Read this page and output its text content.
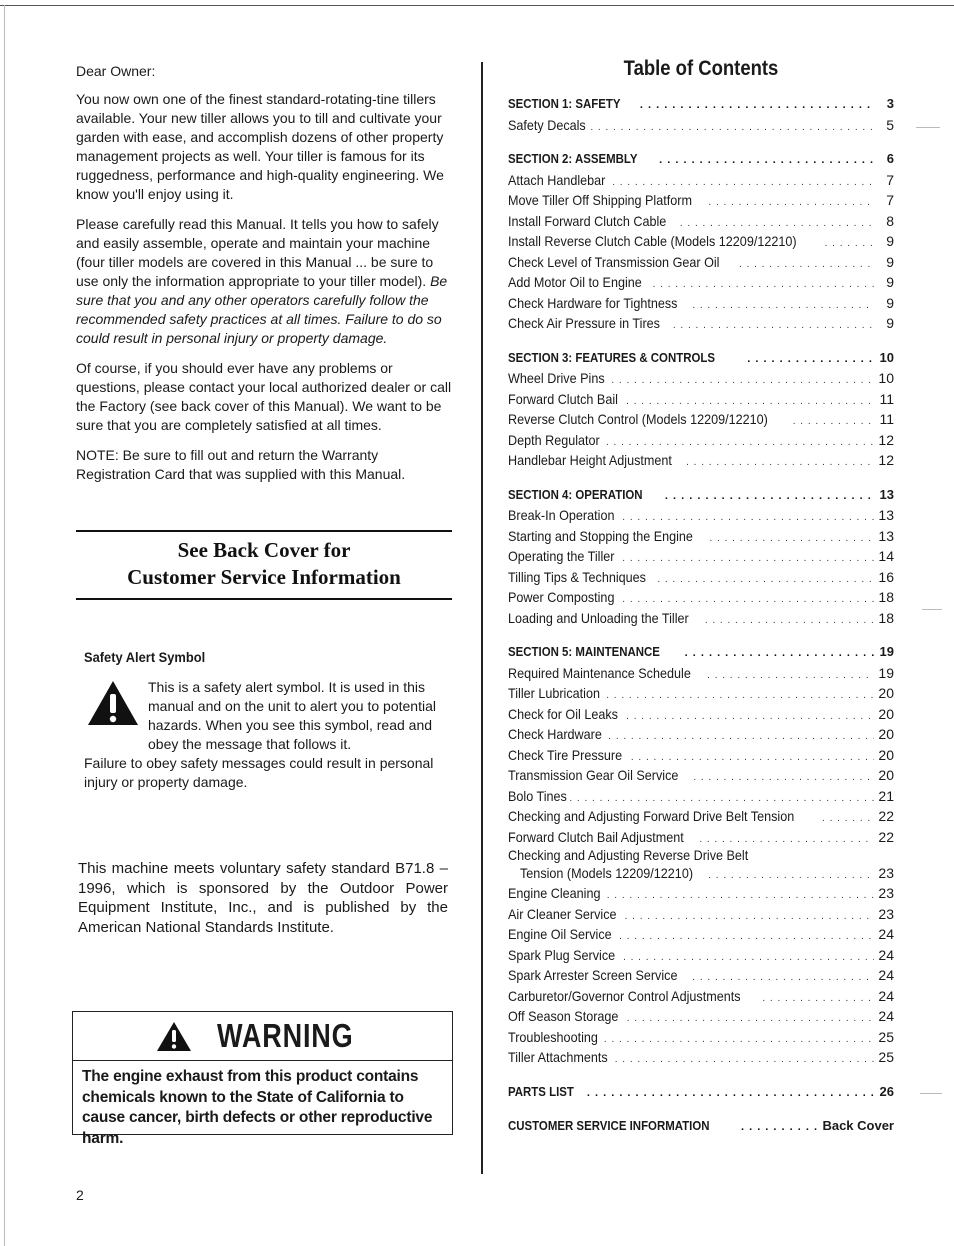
Dear Owner:

You now own one of the finest standard-rotating-tine tillers available. Your new tiller allows you to till and cultivate your garden with ease, and accomplish dozens of other property management projects as well. Your tiller is famous for its ruggedness, performance and high-quality engineering. We know you'll enjoy using it.

Please carefully read this Manual. It tells you how to safely and easily assemble, operate and maintain your machine (four tiller models are covered in this Manual ... be sure to use only the information appropriate to your tiller model). Be sure that you and any other operators carefully follow the recommended safety practices at all times. Failure to do so could result in personal injury or property damage.

Of course, if you should ever have any problems or questions, please contact your local authorized dealer or call the Factory (see back cover of this Manual). We want to be sure that you are completely satisfied at all times.

NOTE: Be sure to fill out and return the Warranty Registration Card that was supplied with this Manual.

See Back Cover for
Customer Service Information
Safety Alert Symbol

This is a safety alert symbol. It is used in this manual and on the unit to alert you to potential hazards. When you see this symbol, read and obey the message that follows it.

Failure to obey safety messages could result in personal injury or property damage.

This machine meets voluntary safety standard B71.8 – 1996, which is sponsored by the Outdoor Power Equipment Institute, Inc., and is published by the American National Standards Institute.
WARNING
The engine exhaust from this product contains chemicals known to the State of California to cause cancer, birth defects or other reproductive harm.
2
Table of Contents
SECTION 1: SAFETY . . .	3
Safety Decals . . .	5
SECTION 2: ASSEMBLY . . .	6
Attach Handlebar . . .	7
Move Tiller Off Shipping Platform . . .	7
Install Forward Clutch Cable . . .	8
Install Reverse Clutch Cable (Models 12209/12210) . . .	9
Check Level of Transmission Gear Oil . . .	9
Add Motor Oil to Engine . . .	9
Check Hardware for Tightness . . .	9
Check Air Pressure in Tires . . .	9
SECTION 3: FEATURES & CONTROLS . . .	10
Wheel Drive Pins . . .	10
Forward Clutch Bail . . .	11
Reverse Clutch Control (Models 12209/12210) . . .	11
Depth Regulator . . .	12
Handlebar Height Adjustment . . .	12
SECTION 4: OPERATION . . .	13
Break-In Operation . . .	13
Starting and Stopping the Engine . . .	13
Operating the Tiller . . .	14
Tilling Tips & Techniques . . .	16
Power Composting . . .	18
Loading and Unloading the Tiller . . .	18
SECTION 5: MAINTENANCE . . .	19
Required Maintenance Schedule . . .	19
Tiller Lubrication . . .	20
Check for Oil Leaks . . .	20
Check Hardware . . .	20
Check Tire Pressure . . .	20
Transmission Gear Oil Service . . .	20
Bolo Tines . . .	21
Checking and Adjusting Forward Drive Belt Tension . . .	22
Forward Clutch Bail Adjustment . . .	22
Checking and Adjusting Reverse Drive Belt
Tension (Models 12209/12210) . . .	23
Engine Cleaning . . .	23
Air Cleaner Service . . .	23
Engine Oil Service . . .	24
Spark Plug Service . . .	24
Spark Arrester Screen Service . . .	24
Carburetor/Governor Control Adjustments . . .	24
Off Season Storage . . .	24
Troubleshooting . . .	25
Tiller Attachments . . .	25
PARTS LIST . . .	26
CUSTOMER SERVICE INFORMATION . . .	Back Cover
